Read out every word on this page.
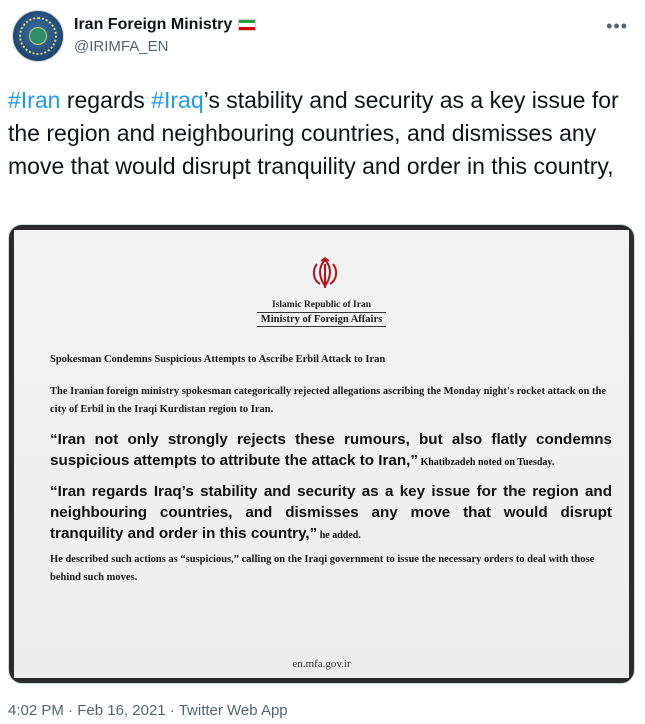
Iran Foreign Ministry
@IRIMFA_EN
•••

#Iran regards #Iraq’s stability and security as a key issue for the region and neighbouring countries, and dismisses any move that would disrupt tranquility and order in this country,

Islamic Republic of Iran
Ministry of Foreign Affairs
Spokesman Condemns Suspicious Attempts to Ascribe Erbil Attack to Iran

The Iranian foreign ministry spokesman categorically rejected allegations ascribing the Monday night's rocket attack on the city of Erbil in the Iraqi Kurdistan region to Iran.

“Iran not only strongly rejects these rumours, but also flatly condemns suspicious attempts to attribute the attack to Iran,” Khatibzadeh noted on Tuesday.

“Iran regards Iraq’s stability and security as a key issue for the region and neighbouring countries, and dismisses any move that would disrupt tranquility and order in this country,” he added.

He described such actions as “suspicious,” calling on the Iraqi government to issue the necessary orders to deal with those behind such moves.

en.mfa.gov.ir
4:02 PM · Feb 16, 2021 · Twitter Web App
